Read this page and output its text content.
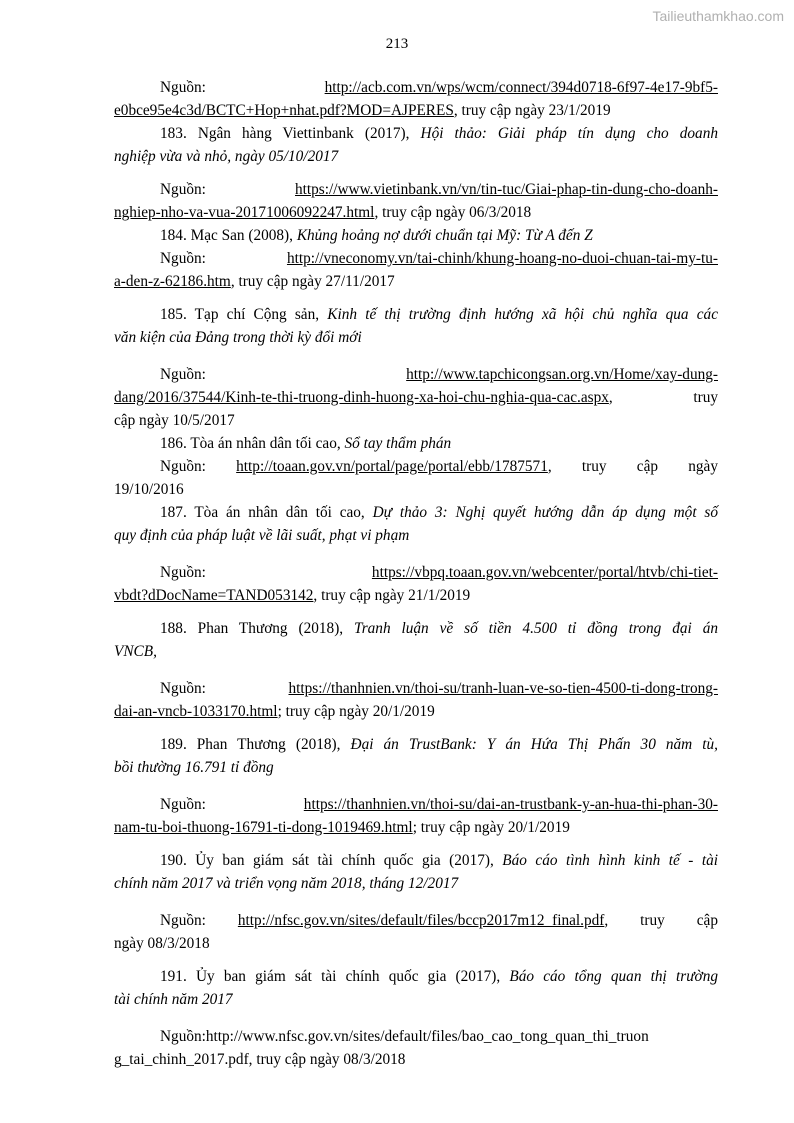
Tailieuthamkhao.com
213
Nguồn:	http://acb.com.vn/wps/wcm/connect/394d0718-6f97-4e17-9bf5-
e0bce95e4c3d/BCTC+Hop+nhat.pdf?MOD=AJPERES, truy cập ngày 23/1/2019
183. Ngân hàng Viettinbank (2017), Hội thảo: Giải pháp tín dụng cho doanh
nghiệp vừa và nhỏ, ngày 05/10/2017
Nguồn:	https://www.vietinbank.vn/vn/tin-tuc/Giai-phap-tin-dung-cho-doanh-
nghiep-nho-va-vua-20171006092247.html, truy cập ngày 06/3/2018
184. Mạc San (2008), Khủng hoảng nợ dưới chuẩn tại Mỹ: Từ A đến Z
Nguồn:	http://vneconomy.vn/tai-chinh/khung-hoang-no-duoi-chuan-tai-my-tu-
a-den-z-62186.htm, truy cập ngày 27/11/2017
185. Tạp chí Cộng sản, Kinh tế thị trường định hướng xã hội chủ nghĩa qua các
văn kiện của Đảng trong thời kỳ đổi mới
Nguồn:	http://www.tapchicongsan.org.vn/Home/xay-dung-
dang/2016/37544/Kinh-te-thi-truong-dinh-huong-xa-hoi-chu-nghia-qua-cac.aspx, truy
cập ngày 10/5/2017
186. Tòa án nhân dân tối cao, Sổ tay thẩm phán
Nguồn: http://toaan.gov.vn/portal/page/portal/ebb/1787571, truy cập ngày
19/10/2016
187. Tòa án nhân dân tối cao, Dự thảo 3: Nghị quyết hướng dẫn áp dụng một số
quy định của pháp luật về lãi suất, phạt vi phạm
Nguồn:	https://vbpq.toaan.gov.vn/webcenter/portal/htvb/chi-tiet-
vbdt?dDocName=TAND053142, truy cập ngày 21/1/2019
188. Phan Thương (2018), Tranh luận về số tiền 4.500 tỉ đồng trong đại án
VNCB,
Nguồn:	https://thanhnien.vn/thoi-su/tranh-luan-ve-so-tien-4500-ti-dong-trong-
dai-an-vncb-1033170.html; truy cập ngày 20/1/2019
189. Phan Thương (2018), Đại án TrustBank: Y án Hứa Thị Phấn 30 năm tù,
bồi thường 16.791 tỉ đồng
Nguồn:	https://thanhnien.vn/thoi-su/dai-an-trustbank-y-an-hua-thi-phan-30-
nam-tu-boi-thuong-16791-ti-dong-1019469.html; truy cập ngày 20/1/2019
190. Ủy ban giám sát tài chính quốc gia (2017), Báo cáo tình hình kinh tế - tài
chính năm 2017 và triển vọng năm 2018, tháng 12/2017
Nguồn: http://nfsc.gov.vn/sites/default/files/bccp2017m12_final.pdf, truy cập
ngày 08/3/2018
191. Ủy ban giám sát tài chính quốc gia (2017), Báo cáo tổng quan thị trường
tài chính năm 2017
Nguồn:http://www.nfsc.gov.vn/sites/default/files/bao_cao_tong_quan_thi_truon
g_tai_chinh_2017.pdf, truy cập ngày 08/3/2018
